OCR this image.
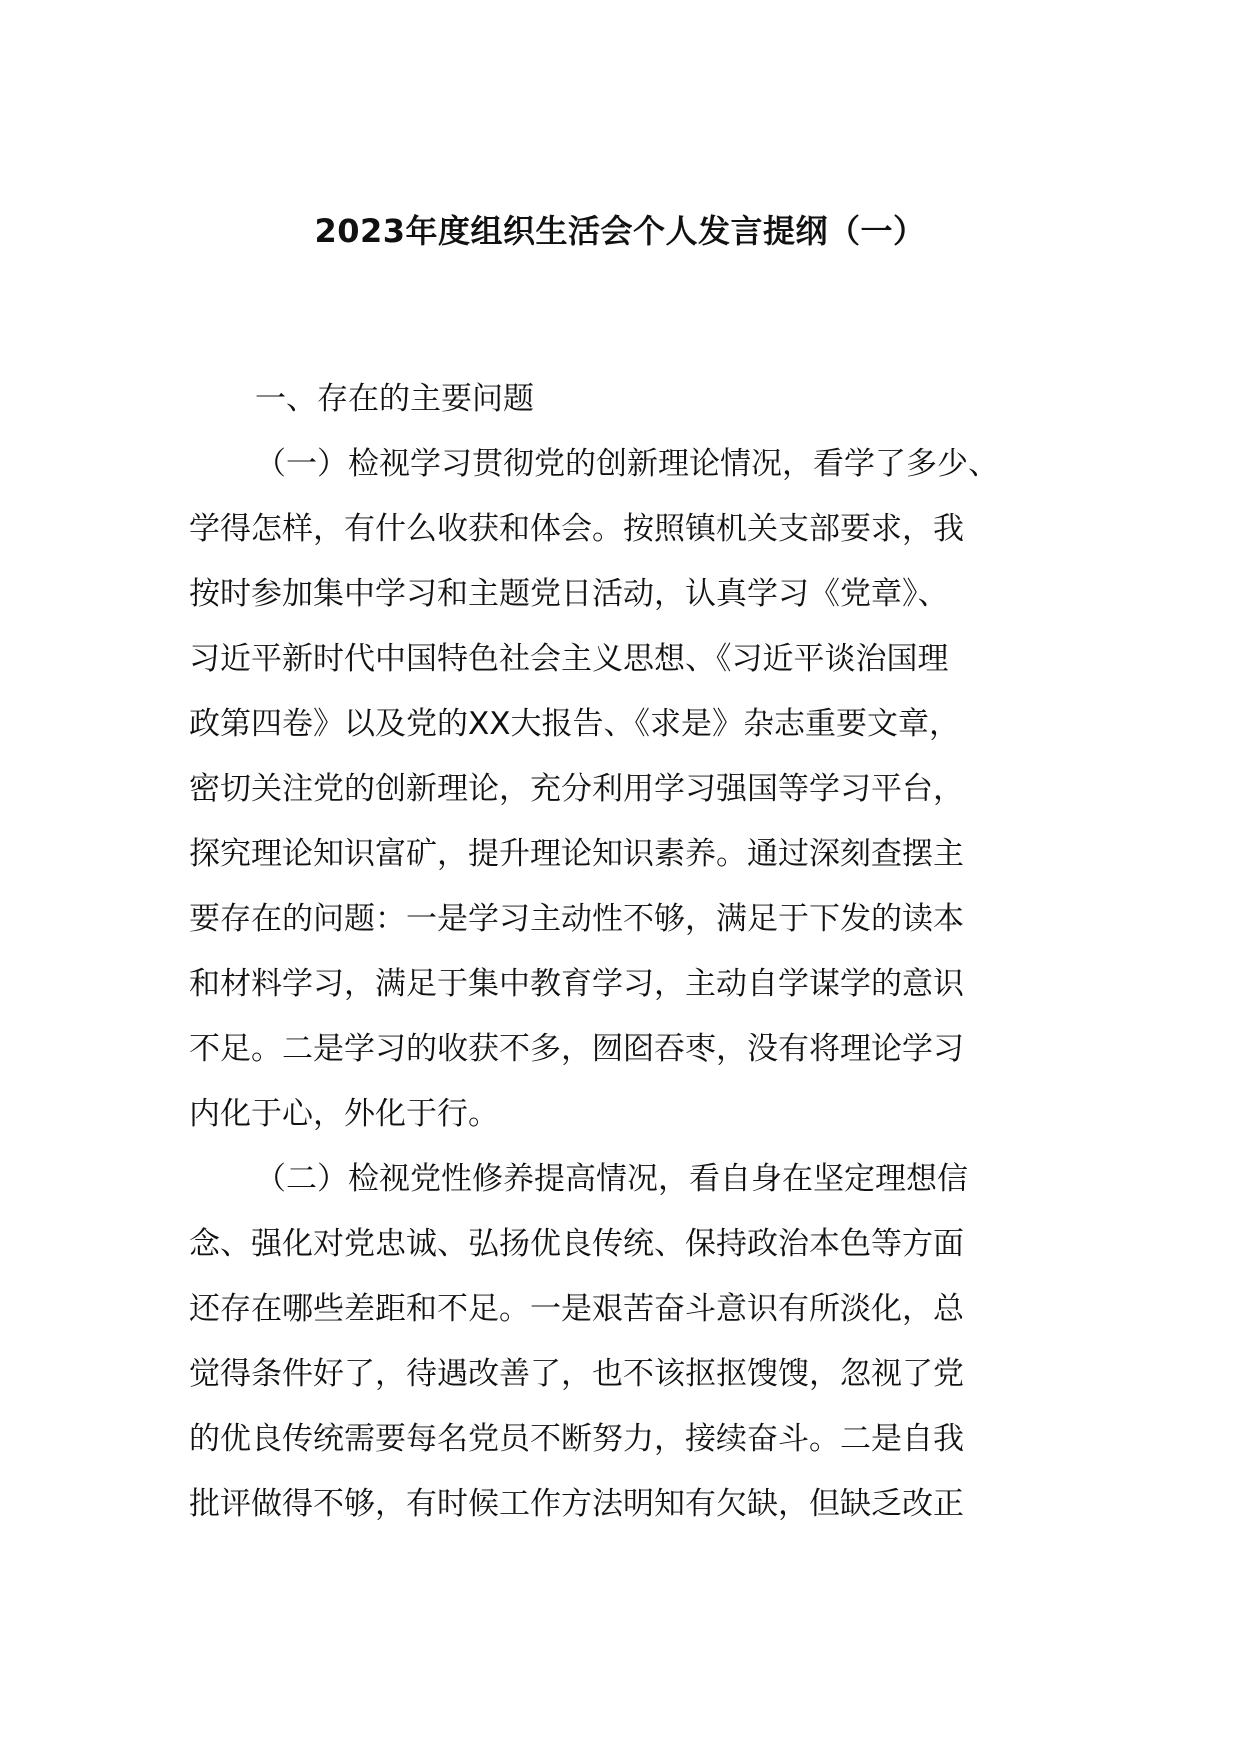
2023年度组织生活会个人发言提纲（一）
一、存在的主要问题
（一）检视学习贯彻党的创新理论情况，看学了多少、
学得怎样，有什么收获和体会。按照镇机关支部要求，我
按时参加集中学习和主题党日活动，认真学习《党章》、
习近平新时代中国特色社会主义思想、《习近平谈治国理
政第四卷》以及党的XX大报告、《求是》杂志重要文章，
密切关注党的创新理论，充分利用学习强国等学习平台，
探究理论知识富矿，提升理论知识素养。通过深刻查摆主
要存在的问题：一是学习主动性不够，满足于下发的读本
和材料学习，满足于集中教育学习，主动自学谋学的意识
不足。二是学习的收获不多，囫囵吞枣，没有将理论学习
内化于心，外化于行。
（二）检视党性修养提高情况，看自身在坚定理想信
念、强化对党忠诚、弘扬优良传统、保持政治本色等方面
还存在哪些差距和不足。一是艰苦奋斗意识有所淡化，总
觉得条件好了，待遇改善了，也不该抠抠馊馊，忽视了党
的优良传统需要每名党员不断努力，接续奋斗。二是自我
批评做得不够，有时候工作方法明知有欠缺，但缺乏改正
